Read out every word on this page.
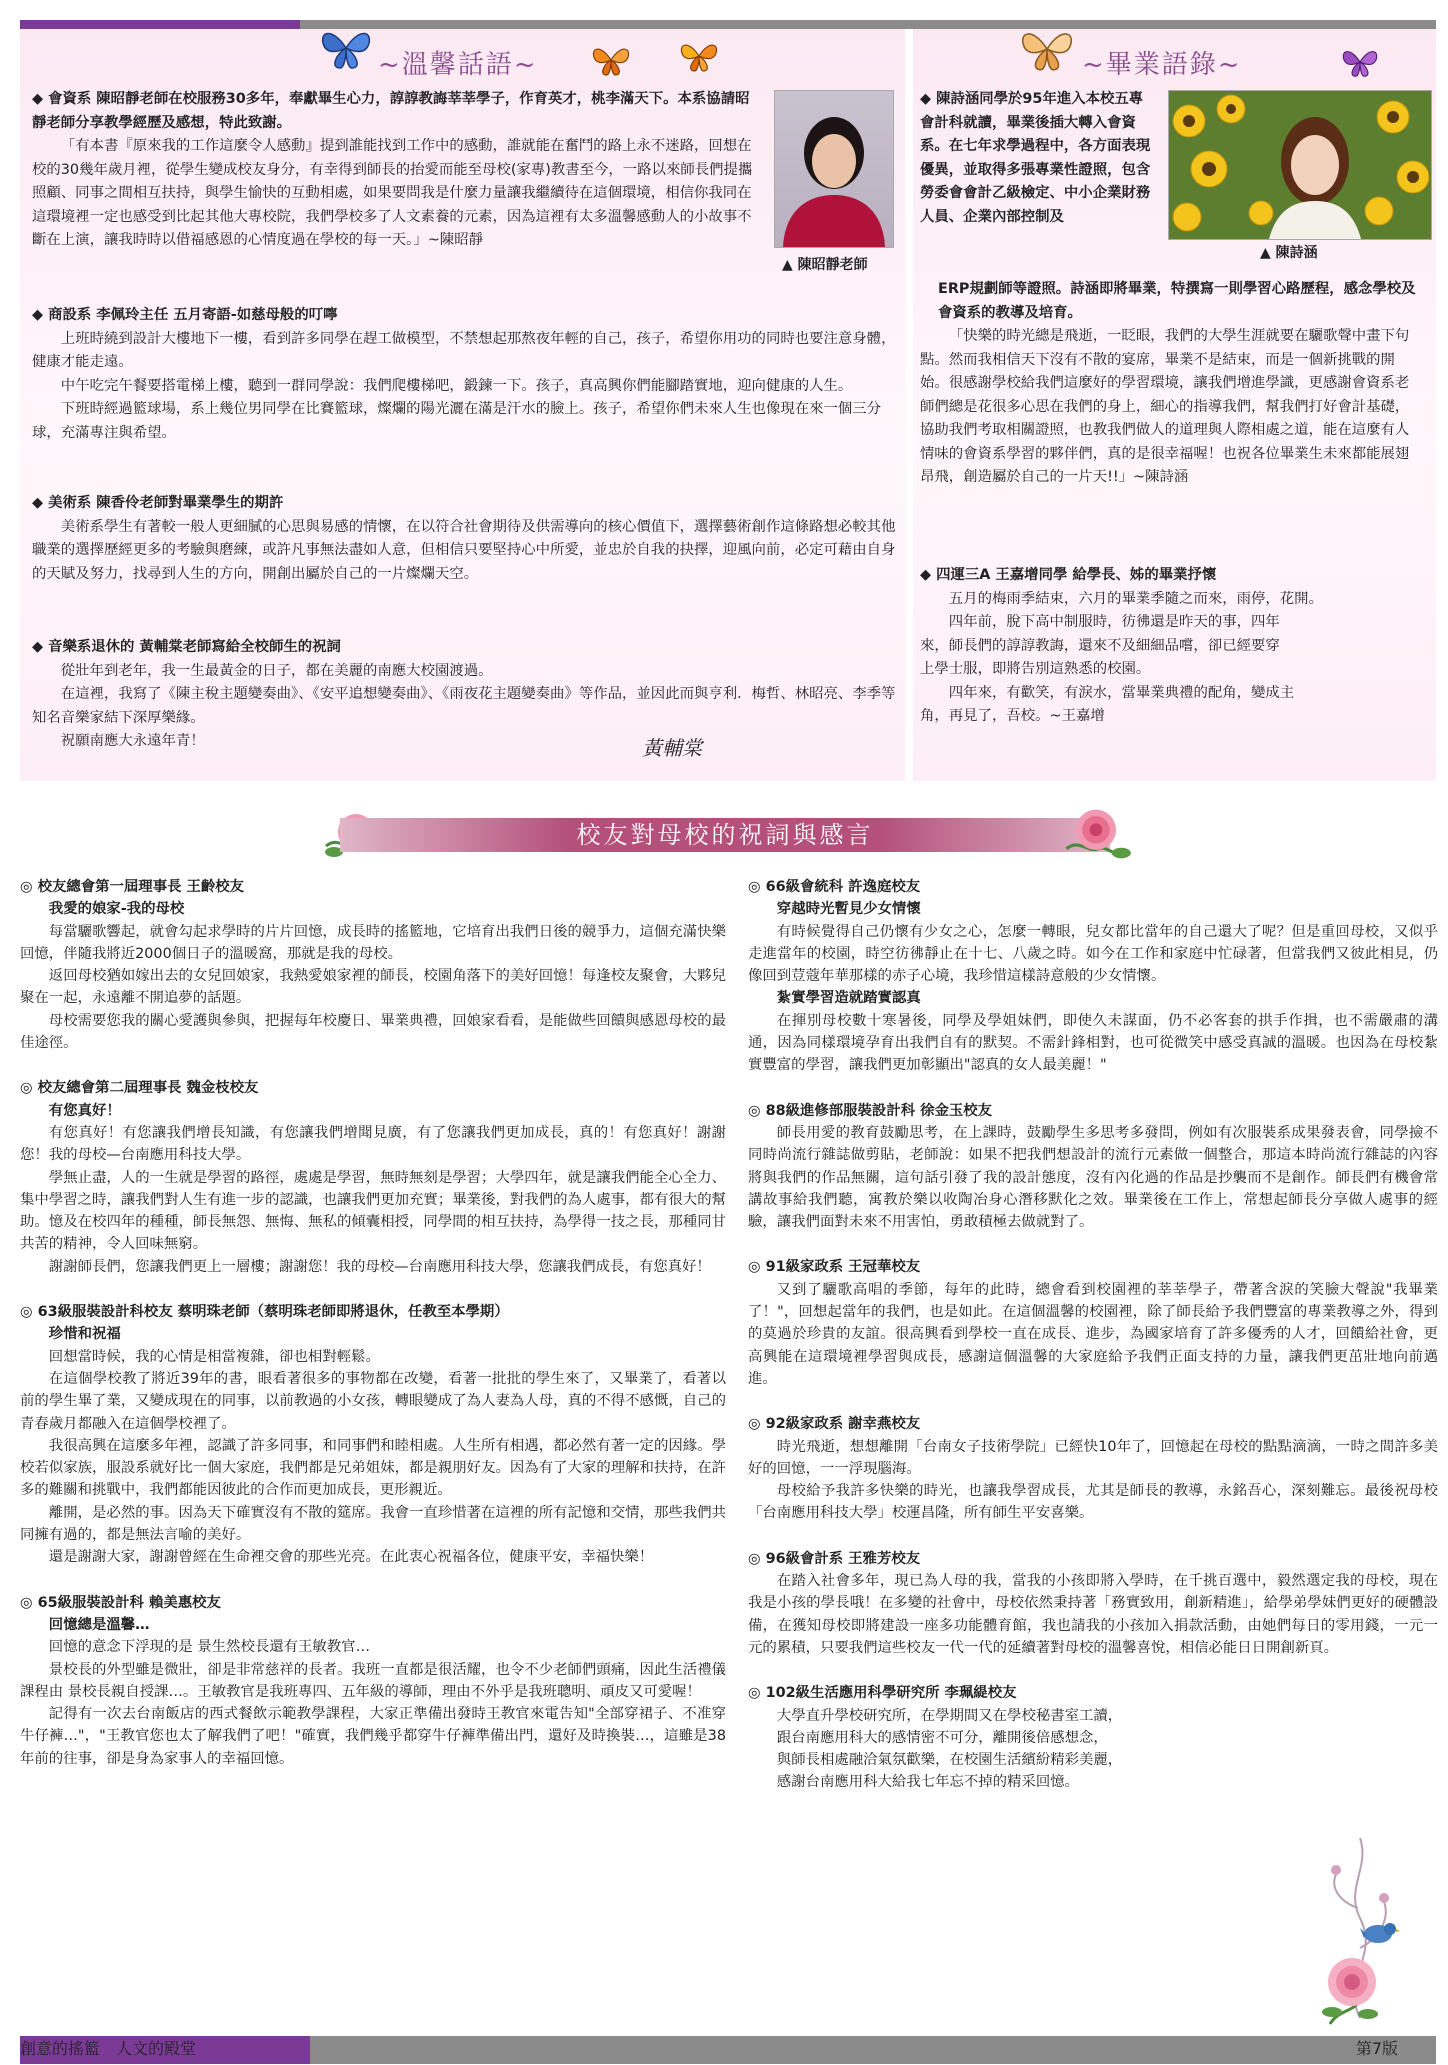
~溫馨話語~	~畢業語錄~

◆ 會資系 陳昭靜老師在校服務30多年，奉獻畢生心力，諄諄教誨莘莘學子，作育英才，桃李滿天下。本系協請昭靜老師分享教學經歷及感想，特此致謝。

「有本書『原來我的工作這麼令人感動』提到誰能找到工作中的感動，誰就能在奮鬥的路上永不迷路，回想在校的30幾年歲月裡，從學生變成校友身分，有幸得到師長的抬愛而能至母校(家專)教書至今，一路以來師長們提攜照顧、同事之間相互扶持，與學生愉快的互動相處，如果要問我是什麼力量讓我繼續待在這個環境，相信你我同在這環境裡一定也感受到比起其他大專校院，我們學校多了人文素養的元素，因為這裡有太多溫馨感動人的小故事不斷在上演，讓我時時以借福感恩的心情度過在學校的每一天。」~陳昭靜

▲ 陳昭靜老師

◆ 商設系 李佩玲主任 五月寄語-如慈母般的叮嚀

上班時繞到設計大樓地下一樓，看到許多同學在趕工做模型，不禁想起那熬夜年輕的自己，孩子，希望你用功的同時也要注意身體，健康才能走遠。

中午吃完午餐要搭電梯上樓，聽到一群同學說：我們爬樓梯吧，鍛鍊一下。孩子，真高興你們能腳踏實地，迎向健康的人生。

下班時經過籃球場，系上幾位男同學在比賽籃球，燦爛的陽光灑在滿是汗水的臉上。孩子，希望你們未來人生也像現在來一個三分球，充滿專注與希望。

◆ 美術系 陳香伶老師對畢業學生的期許

美術系學生有著較一般人更細膩的心思與易感的情懷，在以符合社會期待及供需導向的核心價值下，選擇藝術創作這條路想必較其他職業的選擇歷經更多的考驗與磨練，或許凡事無法盡如人意，但相信只要堅持心中所愛，並忠於自我的抉擇，迎風向前，必定可藉由自身的天賦及努力，找尋到人生的方向，開創出屬於自己的一片燦爛天空。

◆ 音樂系退休的 黃輔棠老師寫給全校師生的祝詞

從壯年到老年，我一生最黃金的日子，都在美麗的南應大校園渡過。

在這裡，我寫了《陳主稅主題變奏曲》、《安平追想變奏曲》、《雨夜花主題變奏曲》等作品，並因此而與亨利．梅哲、林昭亮、李季等知名音樂家結下深厚樂緣。

祝願南應大永遠年青！	黃輔棠
▲ 陳詩涵

◆ 陳詩涵同學於95年進入本校五專會計科就讀，畢業後插大轉入會資系。在七年求學過程中，各方面表現優異，並取得多張專業性證照，包含勞委會會計乙級檢定、中小企業財務人員、企業內部控制及

ERP規劃師等證照。詩涵即將畢業，特撰寫一則學習心路歷程，感念學校及會資系的教導及培育。

「快樂的時光總是飛逝，一眨眼，我們的大學生涯就要在驪歌聲中畫下句點。然而我相信天下沒有不散的宴席，畢業不是結束，而是一個新挑戰的開始。很感謝學校給我們這麼好的學習環境，讓我們增進學識，更感謝會資系老師們總是花很多心思在我們的身上，細心的指導我們，幫我們打好會計基礎，協助我們考取相關證照，也教我們做人的道理與人際相處之道，能在這麼有人情味的會資系學習的夥伴們，真的是很幸福喔！也祝各位畢業生未來都能展翅昂飛，創造屬於自己的一片天!!」~陳詩涵

◆ 四運三A 王嘉增同學 給學長、姊的畢業抒懷

五月的梅雨季結束，六月的畢業季隨之而來，雨停，花開。

四年前，脫下高中制服時，彷彿還是昨天的事，四年來，師長們的諄諄教誨，還來不及細細品嚐，卻已經要穿上學士服，即將告別這熟悉的校園。

四年來，有歡笑，有淚水，當畢業典禮的配角，變成主角，再見了，吾校。~王嘉增

校友對母校的祝詞與感言

◎ 校友總會第一屆理事長 王齡校友

我愛的娘家-我的母校

每當驪歌響起，就會勾起求學時的片片回憶，成長時的搖籃地，它培育出我們日後的競爭力，這個充滿快樂回憶，伴隨我將近2000個日子的溫暖窩，那就是我的母校。

返回母校猶如嫁出去的女兒回娘家，我熱愛娘家裡的師長，校園角落下的美好回憶！每逢校友聚會，大夥兒聚在一起，永遠離不開追夢的話題。

母校需要您我的關心愛護與參與，把握每年校慶日、畢業典禮，回娘家看看，是能做些回饋與感恩母校的最佳途徑。

◎ 校友總會第二屆理事長 魏金枝校友

有您真好！

有您真好！有您讓我們增長知識，有您讓我們增聞見廣，有了您讓我們更加成長，真的！有您真好！謝謝您！我的母校—台南應用科技大學。

學無止盡，人的一生就是學習的路徑，處處是學習，無時無刻是學習；大學四年，就是讓我們能全心全力、集中學習之時，讓我們對人生有進一步的認識，也讓我們更加充實；畢業後，對我們的為人處事，都有很大的幫助。憶及在校四年的種種，師長無怨、無悔、無私的傾囊相授，同學間的相互扶持，為學得一技之長，那種同甘共苦的精神，令人回味無窮。

謝謝師長們，您讓我們更上一層樓；謝謝您！我的母校—台南應用科技大學，您讓我們成長，有您真好！

◎ 63級服裝設計科校友 蔡明珠老師（蔡明珠老師即將退休，任教至本學期）

珍惜和祝福

回想當時候，我的心情是相當複雜，卻也相對輕鬆。

在這個學校教了將近39年的書，眼看著很多的事物都在改變，看著一批批的學生來了，又畢業了，看著以前的學生畢了業，又變成現在的同事，以前教過的小女孩，轉眼變成了為人妻為人母，真的不得不感慨，自己的青春歲月都融入在這個學校裡了。

我很高興在這麼多年裡，認識了許多同事，和同事們和睦相處。人生所有相遇，都必然有著一定的因緣。學校若似家族，服設系就好比一個大家庭，我們都是兄弟姐妹，都是親朋好友。因為有了大家的理解和扶持，在許多的難關和挑戰中，我們都能因彼此的合作而更加成長，更形親近。

離開，是必然的事。因為天下確實沒有不散的筵席。我會一直珍惜著在這裡的所有記憶和交情，那些我們共同擁有過的，都是無法言喻的美好。

還是謝謝大家，謝謝曾經在生命裡交會的那些光亮。在此衷心祝福各位，健康平安，幸福快樂！

◎ 65級服裝設計科 賴美惠校友

回憶總是溫馨…

回憶的意念下浮現的是 景生然校長還有王敏教官…

景校長的外型雖是微壯，卻是非常慈祥的長者。我班一直都是很活耀，也令不少老師們頭痛，因此生活禮儀課程由 景校長親自授課…。王敏教官是我班專四、五年級的導師，理由不外乎是我班聰明、頑皮又可愛喔！

記得有一次去台南飯店的西式餐飲示範教學課程，大家正準備出發時王教官來電告知"全部穿裙子、不准穿牛仔褲…"，"王教官您也太了解我們了吧！"確實，我們幾乎都穿牛仔褲準備出門，還好及時換裝…，這雖是38年前的往事，卻是身為家事人的幸福回憶。

◎ 66級會統科 許逸庭校友

穿越時光暫見少女情懷

有時候覺得自己仍懷有少女之心，怎麼一轉眼，兒女都比當年的自己還大了呢？但是重回母校，又似乎走進當年的校園，時空彷彿靜止在十七、八歲之時。如今在工作和家庭中忙碌著，但當我們又彼此相見，仍像回到荳蔻年華那樣的赤子心境，我珍惜這樣詩意般的少女情懷。

紮實學習造就踏實認真

在揮別母校數十寒暑後，同學及學姐妹們，即使久未謀面，仍不必客套的拱手作揖，也不需嚴肅的溝通，因為同樣環境孕育出我們自有的默契。不需針鋒相對，也可從微笑中感受真誠的溫暖。也因為在母校紮實豐富的學習，讓我們更加彰顯出"認真的女人最美麗！"

◎ 88級進修部服裝設計科 徐金玉校友

師長用愛的教育鼓勵思考，在上課時，鼓勵學生多思考多發問，例如有次服裝系成果發表會，同學撿不同時尚流行雜誌做剪貼，老師說：如果不把我們想設計的流行元素做一個整合，那這本時尚流行雜誌的內容將與我們的作品無關，這句話引發了我的設計態度，沒有內化過的作品是抄襲而不是創作。師長們有機會常講故事給我們聽，寓教於樂以收陶冶身心潛移默化之效。畢業後在工作上，常想起師長分享做人處事的經驗，讓我們面對未來不用害怕，勇敢積極去做就對了。

◎ 91級家政系 王冠華校友

又到了驪歌高唱的季節，每年的此時，總會看到校園裡的莘莘學子，帶著含淚的笑臉大聲說"我畢業了！"，回想起當年的我們，也是如此。在這個溫馨的校園裡，除了師長給予我們豐富的專業教導之外，得到的莫過於珍貴的友誼。很高興看到學校一直在成長、進步，為國家培育了許多優秀的人才，回饋給社會，更高興能在這環境裡學習與成長，感謝這個溫馨的大家庭給予我們正面支持的力量，讓我們更茁壯地向前邁進。

◎ 92級家政系 謝幸燕校友

時光飛逝，想想離開「台南女子技術學院」已經快10年了，回憶起在母校的點點滴滴，一時之間許多美好的回憶，一一浮現腦海。

母校給予我許多快樂的時光，也讓我學習成長，尤其是師長的教導，永銘吾心，深刻難忘。最後祝母校「台南應用科技大學」校運昌隆，所有師生平安喜樂。

◎ 96級會計系 王雅芳校友

在踏入社會多年，現已為人母的我，當我的小孩即將入學時，在千挑百選中，毅然選定我的母校，現在我是小孩的學長哦！在多變的社會中，母校依然秉持著「務實致用，創新精進」，給學弟學妹們更好的硬體設備，在獲知母校即將建設一座多功能體育館，我也請我的小孩加入捐款活動，由她們每日的零用錢，一元一元的累積，只要我們這些校友一代一代的延續著對母校的溫馨喜悅，相信必能日日開創新頁。

◎ 102級生活應用科學研究所 李珮緹校友

大學直升學校研究所，在學期間又在學校秘書室工讀，

跟台南應用科大的感情密不可分，離開後倍感想念，

與師長相處融洽氣氛歡樂，在校園生活繽紛精彩美麗，

感謝台南應用科大給我七年忘不掉的精采回憶。

創意的搖籃　人文的殿堂	第7版
